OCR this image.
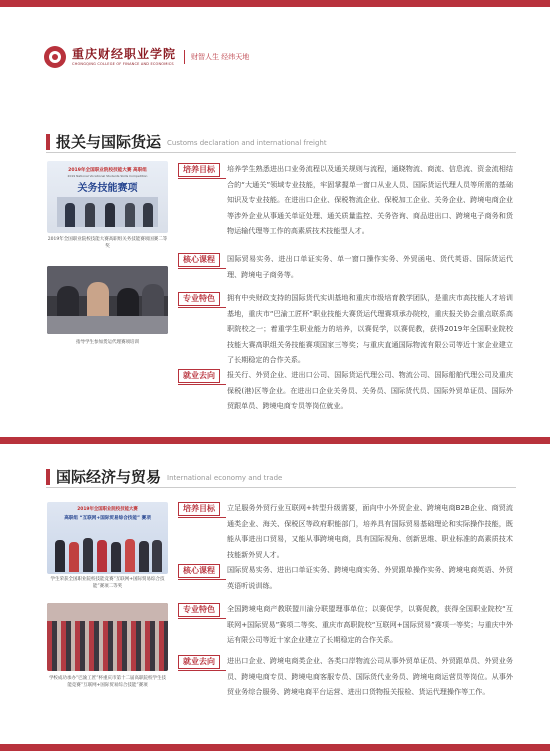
重庆财经职业学院
CHONGQING COLLEGE OF FINANCE AND ECONOMICS
财智人生 经纬天地
报关与国际货运 Customs declaration and international freight
2019年全国职业院校技能大赛 高职组
2019 National Vocational Students Skills Competition
关务技能赛项
2019年全国职业院校技能大赛高职组关务技能赛项国赛二等奖
指导学生参加货运代理赛项培训
培养目标	培养学生熟悉进出口业务流程以及通关规则与流程，通晓物流、商流、信息流、资金流相结合的“大通关”领域专业技能，牢固掌握单一窗口从业人员、国际货运代理人员等所需的基础知识及专业技能。在进出口企业、保税物流企业、保税加工企业、关务企业、跨境电商企业等涉外企业从事通关单证处理、通关质量监控、关务咨询、商品进出口、跨境电子商务和货物运输代理等工作的高素质技术技能型人才。
核心课程	国际贸易实务、进出口单证实务、单一窗口操作实务、外贸函电、货代英语、国际货运代理、跨境电子商务等。
专业特色	拥有中央财政支持的国际货代实训基地和重庆市级培育教学团队，是重庆市高技能人才培训基地，重庆市“巴渝工匠杯”职业技能大赛货运代理赛项承办院校，重庆报关协会重点联系高职院校之一；着重学生职业能力的培养，以赛促学，以赛促教，获得2019年全国职业院校技能大赛高职组关务技能赛项国家三等奖；与重庆直通国际物流有限公司等近十家企业建立了长期稳定的合作关系。
就业去向	报关行、外贸企业、进出口公司、国际货运代理公司、物流公司、国际船舶代理公司及重庆保税(港)区等企业。在进出口企业关务员、关务员、国际货代员、国际外贸单证员、国际外贸跟单员、跨境电商专员等岗位就业。
国际经济与贸易 International economy and trade
2019年全国职业院校技能大赛
高职组 “互联网+国际贸易综合技能” 赛项
学生荣获全国职业院校技能竞赛“互联网+国际贸易综合技能”赛项二等奖
学校成功承办“巴渝工匠”杯重庆市第十二届高职院校学生技能竞赛“互联网+国际贸易综合技能”赛项
培养目标	立足服务外贸行业互联网+转型升级需要，面向中小外贸企业、跨境电商B2B企业、商贸流通类企业、海关、保税区等政府职能部门，培养具有国际贸易基础理论和实际操作技能，既能从事进出口贸易，又能从事跨境电商，具有国际视角、创新思维、职业标准的高素质技术技能新外贸人才。
核心课程	国际贸易实务、进出口单证实务、跨境电商实务、外贸跟单操作实务、跨境电商英语、外贸英语听说训练。
专业特色	全国跨境电商产教联盟川渝分联盟理事单位；以赛促学，以赛促教，获得全国职业院校“互联网+国际贸易”赛项二等奖、重庆市高职院校“互联网+国际贸易”赛项一等奖；与重庆中外运有限公司等近十家企业建立了长期稳定的合作关系。
就业去向	进出口企业、跨境电商类企业、各类口岸物流公司从事外贸单证员、外贸跟单员、外贸业务员、跨境电商专员、跨境电商客服专员、国际货代业务员、跨境电商运营员等岗位。从事外贸业务综合服务、跨境电商平台运营、进出口货物报关报检、货运代理操作等工作。
